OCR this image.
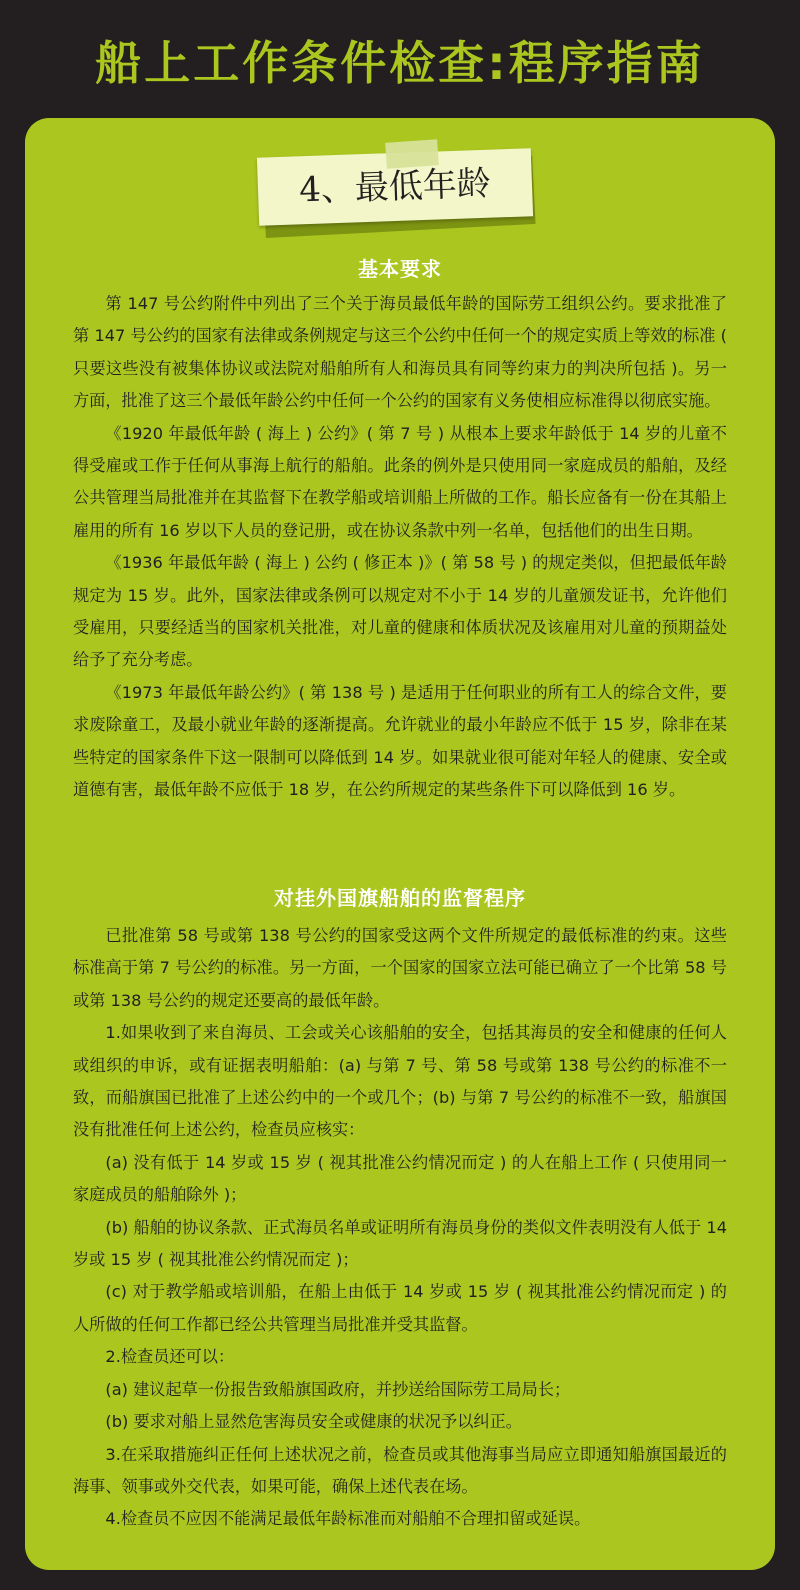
船上工作条件检查:程序指南
4、最低年龄
基本要求

第 147 号公约附件中列出了三个关于海员最低年龄的国际劳工组织公约。要求批准了第 147 号公约的国家有法律或条例规定与这三个公约中任何一个的规定实质上等效的标准 ( 只要这些没有被集体协议或法院对船舶所有人和海员具有同等约束力的判决所包括 )。另一方面，批准了这三个最低年龄公约中任何一个公约的国家有义务使相应标准得以彻底实施。

《1920 年最低年龄 ( 海上 ) 公约》( 第 7 号 ) 从根本上要求年龄低于 14 岁的儿童不得受雇或工作于任何从事海上航行的船舶。此条的例外是只使用同一家庭成员的船舶，及经公共管理当局批准并在其监督下在教学船或培训船上所做的工作。船长应备有一份在其船上雇用的所有 16 岁以下人员的登记册，或在协议条款中列一名单，包括他们的出生日期。

《1936 年最低年龄 ( 海上 ) 公约 ( 修正本 )》( 第 58 号 ) 的规定类似，但把最低年龄规定为 15 岁。此外，国家法律或条例可以规定对不小于 14 岁的儿童颁发证书，允许他们受雇用，只要经适当的国家机关批准，对儿童的健康和体质状况及该雇用对儿童的预期益处给予了充分考虑。

《1973 年最低年龄公约》( 第 138 号 ) 是适用于任何职业的所有工人的综合文件，要求废除童工，及最小就业年龄的逐渐提高。允许就业的最小年龄应不低于 15 岁，除非在某些特定的国家条件下这一限制可以降低到 14 岁。如果就业很可能对年轻人的健康、安全或道德有害，最低年龄不应低于 18 岁，在公约所规定的某些条件下可以降低到 16 岁。

对挂外国旗船舶的监督程序

已批准第 58 号或第 138 号公约的国家受这两个文件所规定的最低标准的约束。这些标准高于第 7 号公约的标准。另一方面，一个国家的国家立法可能已确立了一个比第 58 号或第 138 号公约的规定还要高的最低年龄。

1.如果收到了来自海员、工会或关心该船舶的安全，包括其海员的安全和健康的任何人或组织的申诉，或有证据表明船舶：(a) 与第 7 号、第 58 号或第 138 号公约的标准不一致，而船旗国已批准了上述公约中的一个或几个；(b) 与第 7 号公约的标准不一致，船旗国没有批准任何上述公约，检查员应核实：

(a) 没有低于 14 岁或 15 岁 ( 视其批准公约情况而定 ) 的人在船上工作 ( 只使用同一家庭成员的船舶除外 )；

(b) 船舶的协议条款、正式海员名单或证明所有海员身份的类似文件表明没有人低于 14 岁或 15 岁 ( 视其批准公约情况而定 )；

(c) 对于教学船或培训船，在船上由低于 14 岁或 15 岁 ( 视其批准公约情况而定 ) 的人所做的任何工作都已经公共管理当局批准并受其监督。

2.检查员还可以：

(a) 建议起草一份报告致船旗国政府，并抄送给国际劳工局局长；

(b) 要求对船上显然危害海员安全或健康的状况予以纠正。

3.在采取措施纠正任何上述状况之前，检查员或其他海事当局应立即通知船旗国最近的海事、领事或外交代表，如果可能，确保上述代表在场。

4.检查员不应因不能满足最低年龄标准而对船舶不合理扣留或延误。
